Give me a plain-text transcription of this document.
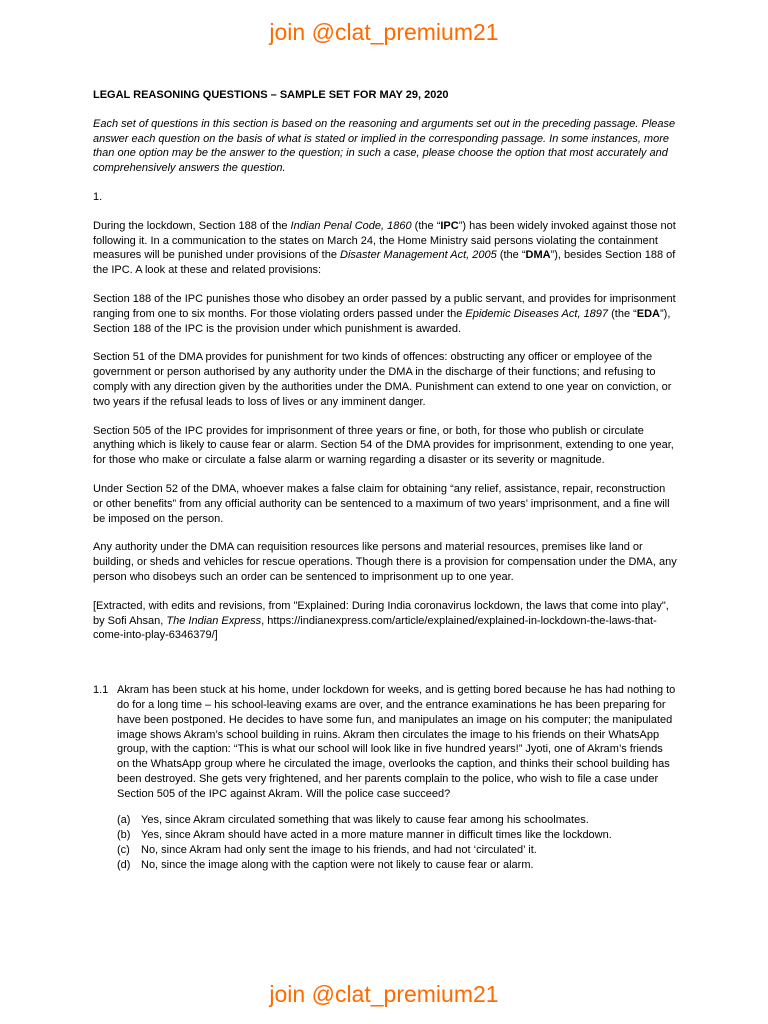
join @clat_premium21
LEGAL REASONING QUESTIONS – SAMPLE SET FOR MAY 29, 2020
Each set of questions in this section is based on the reasoning and arguments set out in the preceding passage. Please answer each question on the basis of what is stated or implied in the corresponding passage. In some instances, more than one option may be the answer to the question; in such a case, please choose the option that most accurately and comprehensively answers the question.
1.

During the lockdown, Section 188 of the Indian Penal Code, 1860 (the “IPC”) has been widely invoked against those not following it. In a communication to the states on March 24, the Home Ministry said persons violating the containment measures will be punished under provisions of the Disaster Management Act, 2005 (the “DMA”), besides Section 188 of the IPC. A look at these and related provisions:

Section 188 of the IPC punishes those who disobey an order passed by a public servant, and provides for imprisonment ranging from one to six months. For those violating orders passed under the Epidemic Diseases Act, 1897 (the “EDA”), Section 188 of the IPC is the provision under which punishment is awarded.

Section 51 of the DMA provides for punishment for two kinds of offences: obstructing any officer or employee of the government or person authorised by any authority under the DMA in the discharge of their functions; and refusing to comply with any direction given by the authorities under the DMA. Punishment can extend to one year on conviction, or two years if the refusal leads to loss of lives or any imminent danger.

Section 505 of the IPC provides for imprisonment of three years or fine, or both, for those who publish or circulate anything which is likely to cause fear or alarm. Section 54 of the DMA provides for imprisonment, extending to one year, for those who make or circulate a false alarm or warning regarding a disaster or its severity or magnitude.

Under Section 52 of the DMA, whoever makes a false claim for obtaining “any relief, assistance, repair, reconstruction or other benefits” from any official authority can be sentenced to a maximum of two years’ imprisonment, and a fine will be imposed on the person.

Any authority under the DMA can requisition resources like persons and material resources, premises like land or building, or sheds and vehicles for rescue operations. Though there is a provision for compensation under the DMA, any person who disobeys such an order can be sentenced to imprisonment up to one year.

[Extracted, with edits and revisions, from "Explained: During India coronavirus lockdown, the laws that come into play", by Sofi Ahsan, The Indian Express, https://indianexpress.com/article/explained/explained-in-lockdown-the-laws-that-come-into-play-6346379/]

1.1 Akram has been stuck at his home, under lockdown for weeks, and is getting bored because he has had nothing to do for a long time – his school-leaving exams are over, and the entrance examinations he has been preparing for have been postponed. He decides to have some fun, and manipulates an image on his computer; the manipulated image shows Akram’s school building in ruins. Akram then circulates the image to his friends on their WhatsApp group, with the caption: “This is what our school will look like in five hundred years!” Jyoti, one of Akram’s friends on the WhatsApp group where he circulated the image, overlooks the caption, and thinks their school building has been destroyed. She gets very frightened, and her parents complain to the police, who wish to file a case under Section 505 of the IPC against Akram. Will the police case succeed?
(a) Yes, since Akram circulated something that was likely to cause fear among his schoolmates.
(b) Yes, since Akram should have acted in a more mature manner in difficult times like the lockdown.
(c)	No, since Akram had only sent the image to his friends, and had not ‘circulated’ it.
(d) No, since the image along with the caption were not likely to cause fear or alarm.
join @clat_premium21
